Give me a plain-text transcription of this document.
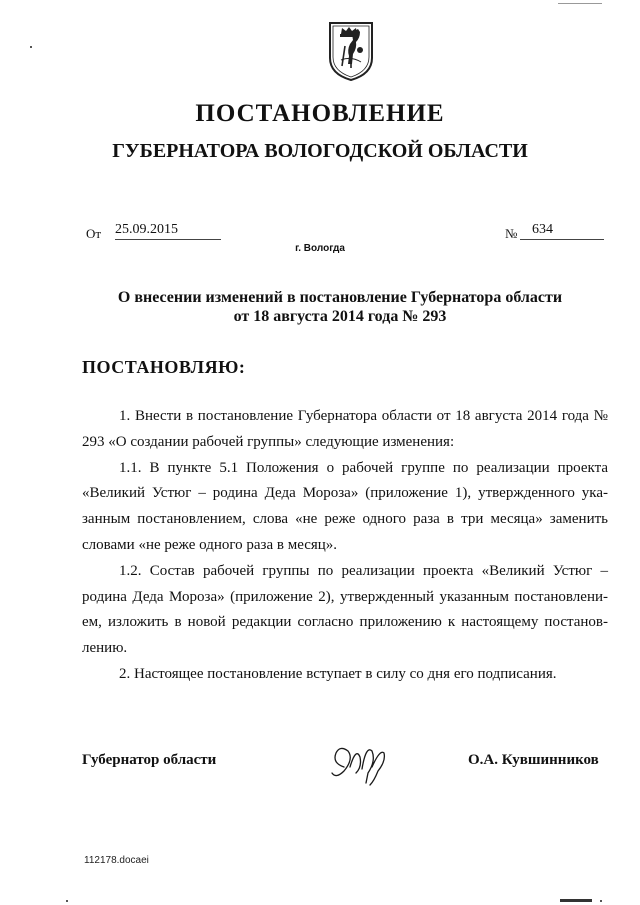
ПОСТАНОВЛЕНИЕ
ГУБЕРНАТОРА ВОЛОГОДСКОЙ ОБЛАСТИ
От 25.09.2015	№	634
г. Вологда
О внесении изменений в постановление Губернатора области
от 18 августа 2014 года № 293
ПОСТАНОВЛЯЮ:

1. Внести в постановление Губернатора области от 18 августа 2014 года № 293 «О создании рабочей группы» следующие изменения:

1.1. В пункте 5.1 Положения о рабочей группе по реализации проекта «Великий Устюг – родина Деда Мороза» (приложение 1), утвержденного ука-занным постановлением, слова «не реже одного раза в три месяца» заменить словами «не реже одного раза в месяц».

1.2. Состав рабочей группы по реализации проекта «Великий Устюг – родина Деда Мороза» (приложение 2), утвержденный указанным постановлени-ем, изложить в новой редакции согласно приложению к настоящему постанов-лению.

2. Настоящее постановление вступает в силу со дня его подписания.

Губернатор области	О.А. Кувшинников
112178.docaei
